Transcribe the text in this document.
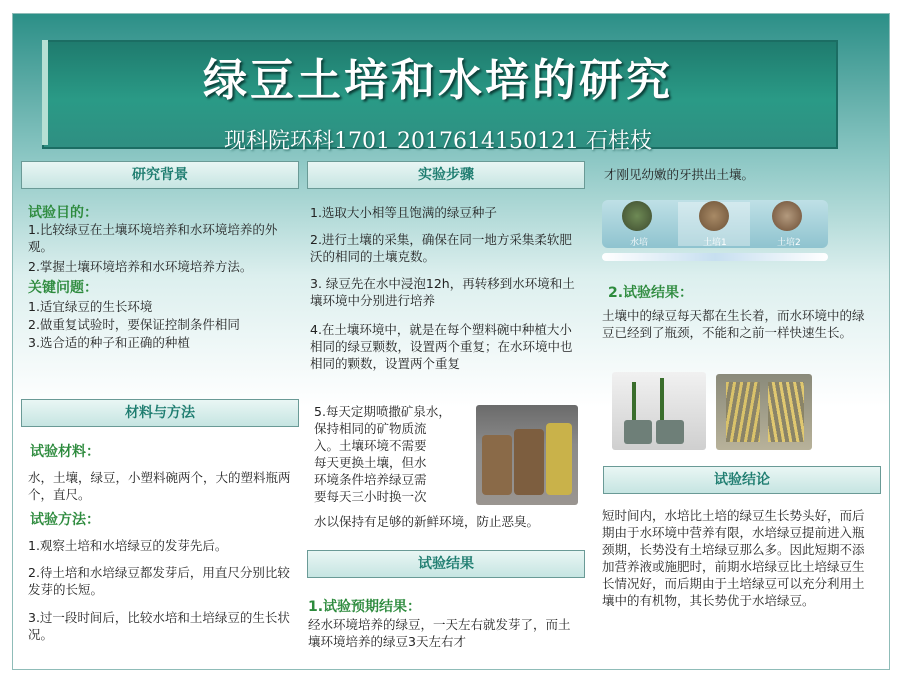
绿豆土培和水培的研究
现科院环科1701 2017614150121 石桂枝
研究背景
试验目的：
1.比较绿豆在土壤环境培养和水环境培养的外观。
2.掌握土壤环境培养和水环境培养方法。
关键问题：
1.适宜绿豆的生长环境
2.做重复试验时，要保证控制条件相同
3.选合适的种子和正确的种植
材料与方法
试验材料：
水，土壤，绿豆，小塑料碗两个，大的塑料瓶两个，直尺。
试验方法：
1.观察土培和水培绿豆的发芽先后。
2.待土培和水培绿豆都发芽后，用直尺分别比较发芽的长短。
3.过一段时间后，比较水培和土培绿豆的生长状况。
实验步骤
1.选取大小相等且饱满的绿豆种子
2.进行土壤的采集，确保在同一地方采集柔软肥沃的相同的土壤克数。
3. 绿豆先在水中浸泡12h，再转移到水环境和土壤环境中分别进行培养
4.在土壤环境中，就是在每个塑料碗中种植大小相同的绿豆颗数，设置两个重复；在水环境中也相同的颗数，设置两个重复
5.每天定期喷撒矿泉水，
保持相同的矿物质流
入。土壤环境不需要
每天更换土壤，但水
环境条件培养绿豆需
要每天三小时换一次
水以保持有足够的新鲜环境，防止恶臭。
试验结果
1.试验预期结果：
经水环境培养的绿豆，一天左右就发芽了，而土壤环境培养的绿豆3天左右才
才刚见幼嫩的牙拱出土壤。
水培	土培1	土培2
2.试验结果：
土壤中的绿豆每天都在生长着，而水环境中的绿豆已经到了瓶颈，不能和之前一样快速生长。
试验结论
短时间内，水培比土培的绿豆生长势头好，而后期由于水环境中营养有限，水培绿豆提前进入瓶颈期，长势没有土培绿豆那么多。因此短期不添加营养液或施肥时，前期水培绿豆比土培绿豆生长情况好，而后期由于土培绿豆可以充分利用土壤中的有机物，其长势优于水培绿豆。
